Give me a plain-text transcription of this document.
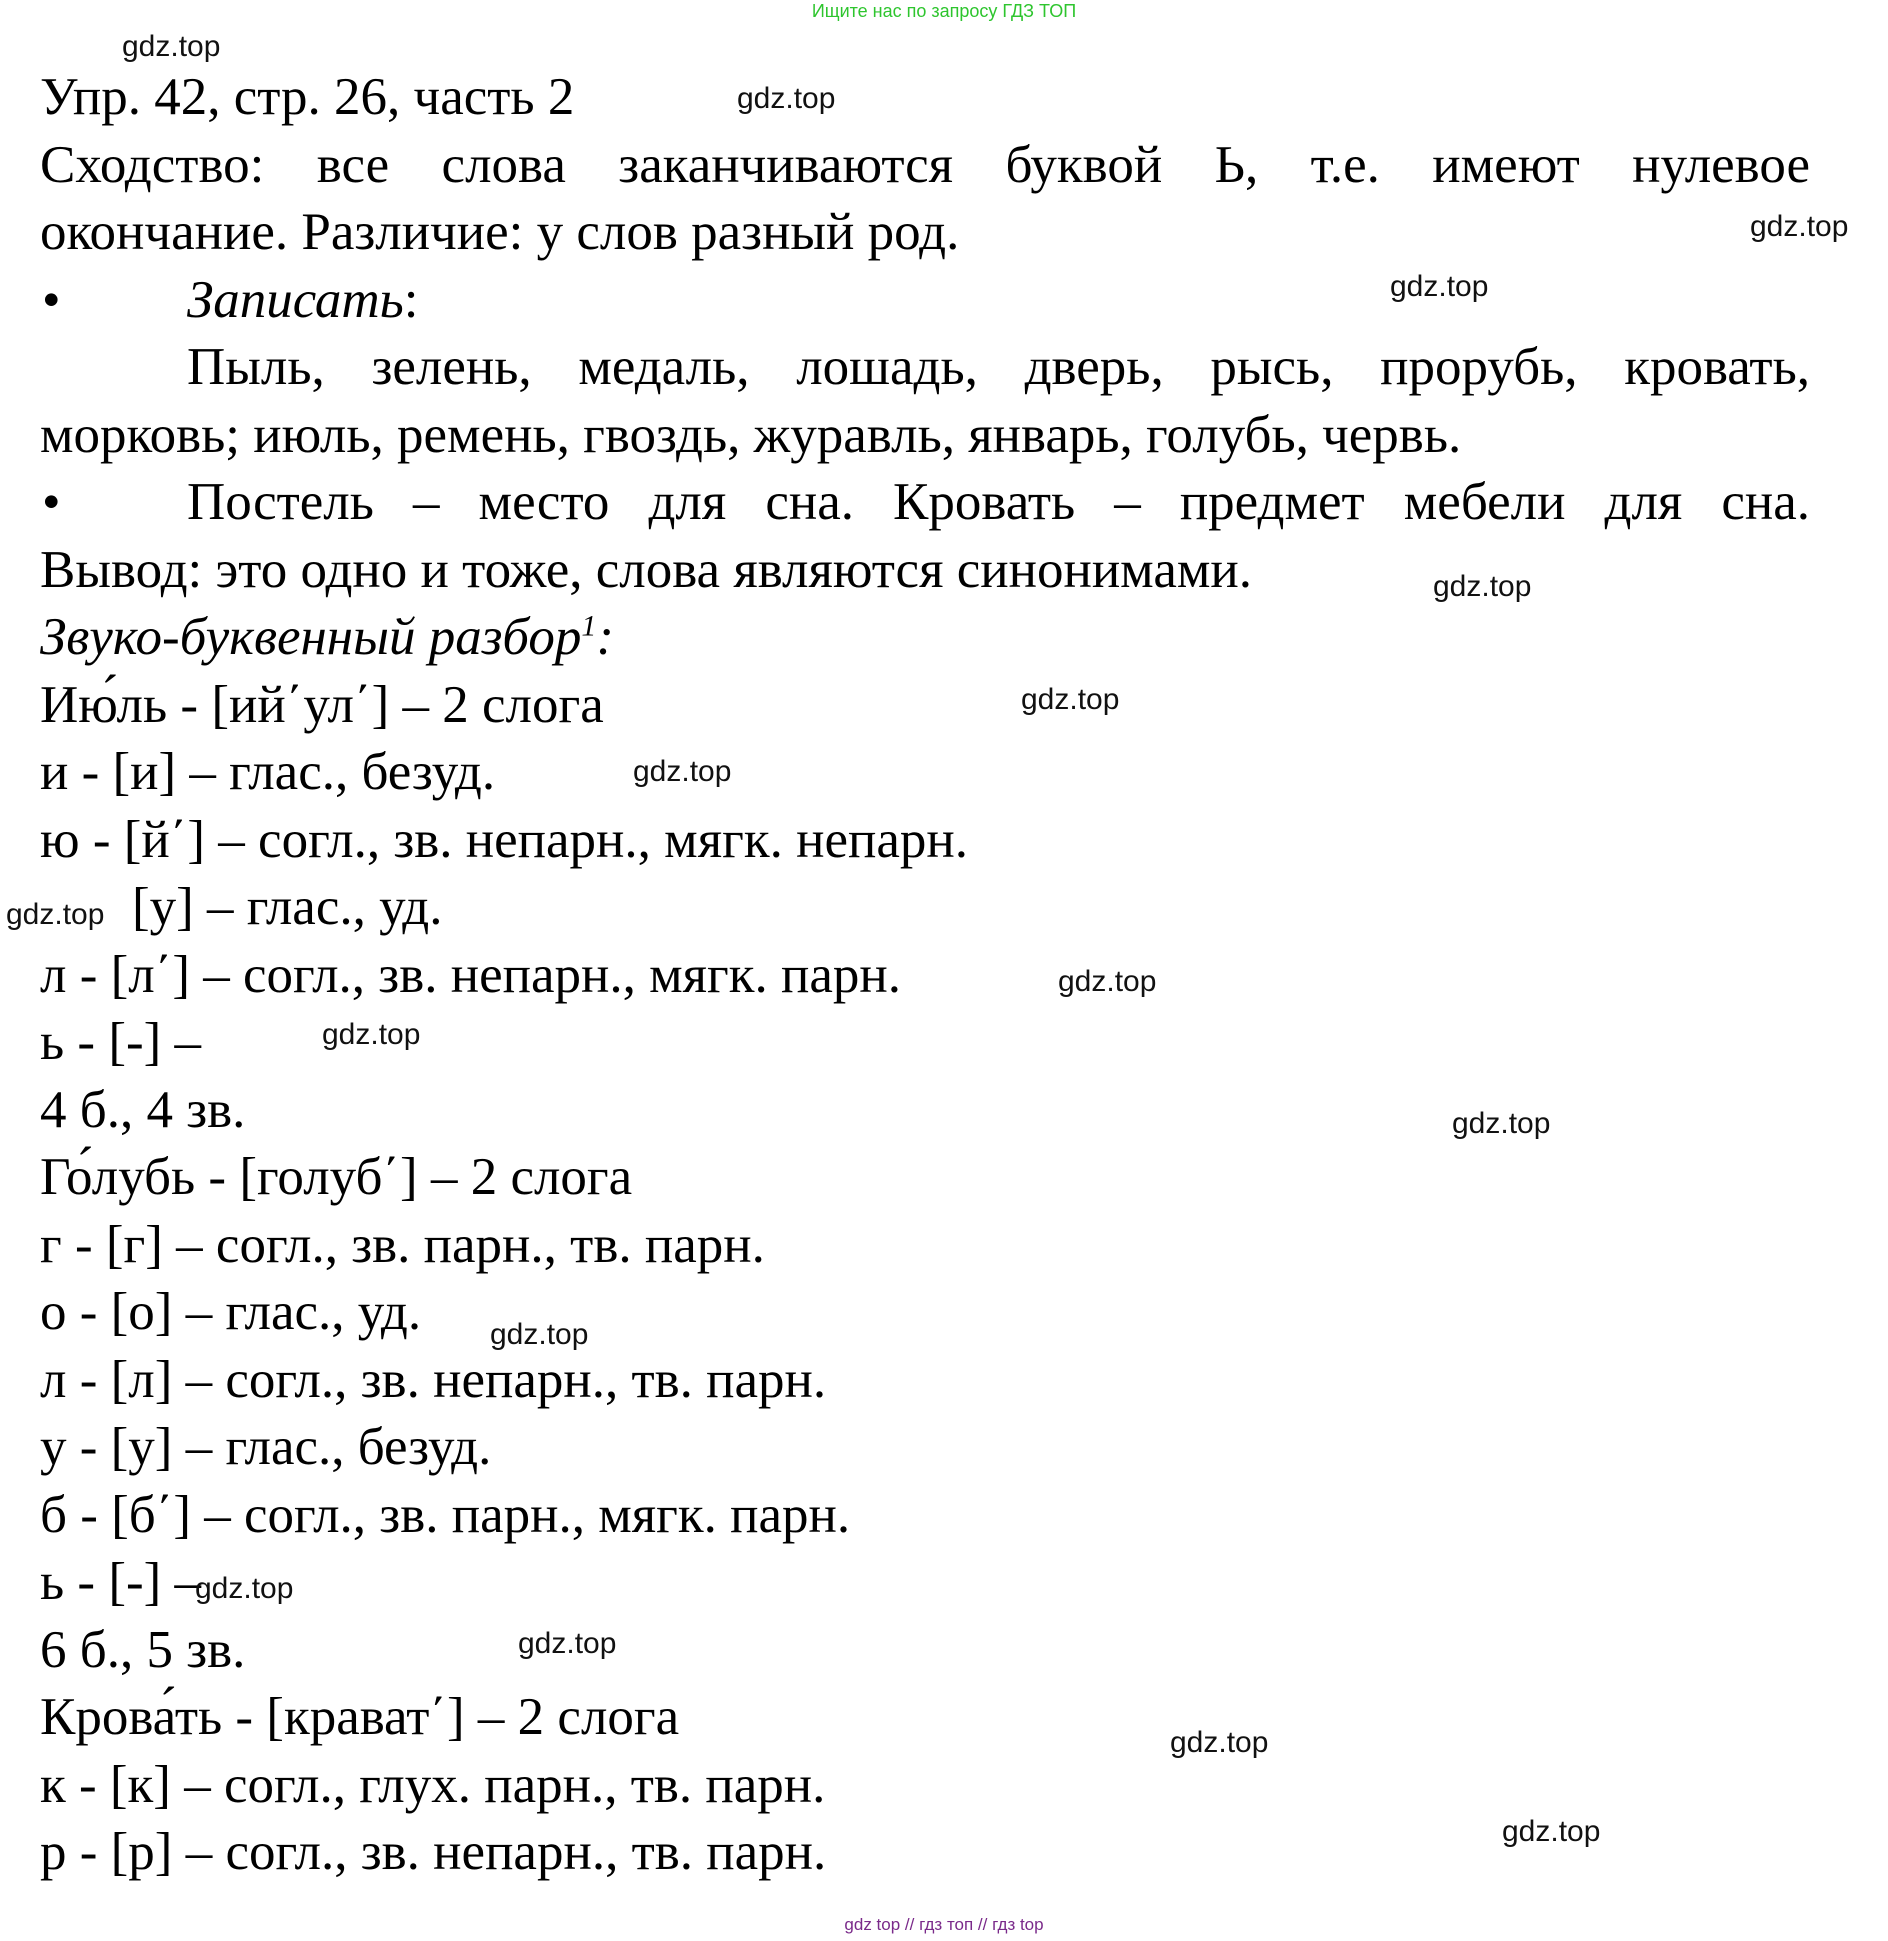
Ищите нас по запросу ГДЗ ТОП
Упр. 42, стр. 26, часть 2
Сходство: все слова заканчиваются буквой Ь, т.е. имеют нулевое
окончание. Различие: у слов разный род.
• Записать:
Пыль, зелень, медаль, лошадь, дверь, рысь, прорубь, кровать,
морковь; июль, ремень, гвоздь, журавль, январь, голубь, червь.
• Постель – место для сна. Кровать – предмет мебели для сна.
Вывод: это одно и тоже, слова являются синонимами.
Звуко-буквенный разбор$^1$:
Ию́ль - [ий΄ул΄] – 2 слога
и - [и] – глас., безуд.
ю - [й΄] – согл., зв. непарн., мягк. непарн.
[у] – глас., уд.
л - [л΄] – согл., зв. непарн., мягк. парн.
ь - [-] –
4 б., 4 зв.
Го́лубь - [голуб΄] – 2 слога
г - [г] – согл., зв. парн., тв. парн.
о - [о] – глас., уд.
л - [л] – согл., зв. непарн., тв. парн.
у - [у] – глас., безуд.
б - [б΄] – согл., зв. парн., мягк. парн.
ь - [-] –
6 б., 5 зв.
Крова́ть - [крават΄] – 2 слога
к - [к] – согл., глух. парн., тв. парн.
р - [р] – согл., зв. непарн., тв. парн.
gdz.top
gdz.top
gdz.top
gdz.top
gdz.top
gdz.top
gdz.top
gdz.top
gdz.top
gdz.top
gdz.top
gdz.top
gdz.top
gdz.top
gdz.top
gdz.top
gdz top // гдз топ // гдз top
